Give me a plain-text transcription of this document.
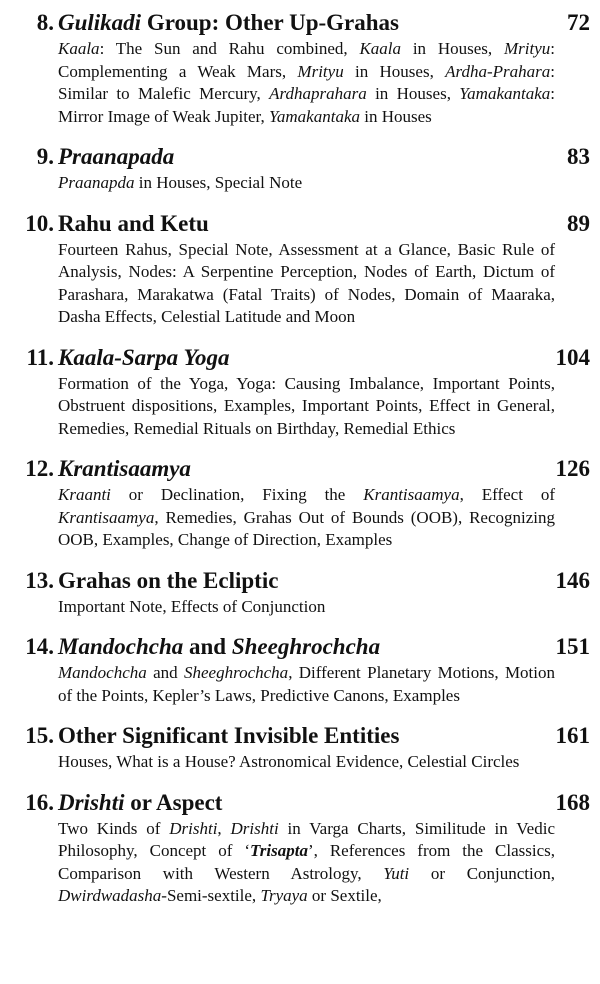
8. Gulikadi Group: Other Up-Grahas	72
Kaala: The Sun and Rahu combined, Kaala in Houses, Mrityu: Complementing a Weak Mars, Mrityu in Houses, Ardha-Prahara: Similar to Malefic Mercury, Ardhaprahara in Houses, Yamakantaka: Mirror Image of Weak Jupiter, Yamakantaka in Houses
9. Praanapada	83
Praanapda in Houses, Special Note
10. Rahu and Ketu	89
Fourteen Rahus, Special Note, Assessment at a Glance, Basic Rule of Analysis, Nodes: A Serpentine Perception, Nodes of Earth, Dictum of Parashara, Marakatwa (Fatal Traits) of Nodes, Domain of Maaraka, Dasha Effects, Celestial Latitude and Moon
11. Kaala-Sarpa Yoga	104
Formation of the Yoga, Yoga: Causing Imbalance, Important Points, Obstruent dispositions, Examples, Important Points, Effect in General, Remedies, Remedial Rituals on Birthday, Remedial Ethics
12. Krantisaamya	126
Kraanti or Declination, Fixing the Krantisaamya, Effect of Krantisaamya, Remedies, Grahas Out of Bounds (OOB), Recognizing OOB, Examples, Change of Direction, Examples
13. Grahas on the Ecliptic	146
Important Note, Effects of Conjunction
14. Mandochcha and Sheeghrochcha	151
Mandochcha and Sheeghrochcha, Different Planetary Motions, Motion of the Points, Kepler’s Laws, Predictive Canons, Examples
15. Other Significant Invisible Entities	161
Houses, What is a House? Astronomical Evidence, Celestial Circles
16. Drishti or Aspect	168
Two Kinds of Drishti, Drishti in Varga Charts, Similitude in Vedic Philosophy, Concept of ‘Trisapta’, References from the Classics, Comparison with Western Astrology, Yuti or Conjunction, Dwirdwadasha-Semi-sextile, Tryaya or Sextile,
